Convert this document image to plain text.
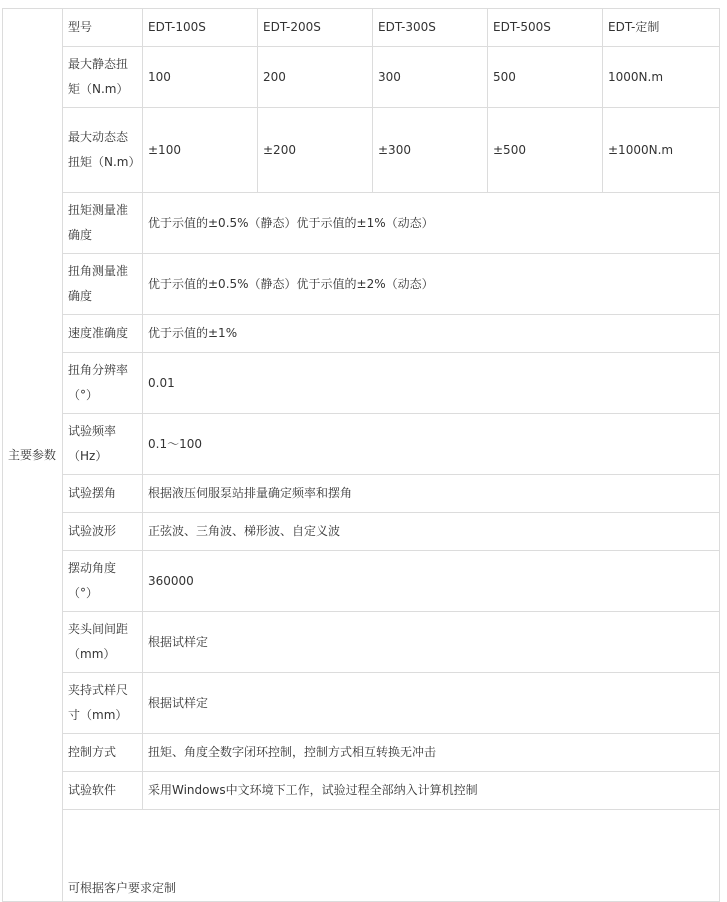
主要参数	型号	EDT-100S	EDT-200S	EDT-300S	EDT-500S	EDT-定制
	最大静态扭矩（N.m）	100	200	300	500	1000N.m
	最大动态态扭矩（N.m）	±100	±200	±300	±500	±1000N.m
	扭矩测量准确度	优于示值的±0.5%（静态）优于示值的±1%（动态）				
	扭角测量准确度	优于示值的±0.5%（静态）优于示值的±2%（动态）				
	速度准确度	优于示值的±1%				
	扭角分辨率（°）	0.01				
	试验频率（Hz）	0.1～100				
	试验摆角	根据液压伺服泵站排量确定频率和摆角				
	试验波形	正弦波、三角波、梯形波、自定义波				
	摆动角度（°）	360000				
	夹头间间距（mm）	根据试样定				
	夹持式样尺寸（mm）	根据试样定				
	控制方式	扭矩、角度全数字闭环控制，控制方式相互转换无冲击				
	试验软件	采用Windows中文环境下工作，试验过程全部纳入计算机控制				

	可根据客户要求定制					
